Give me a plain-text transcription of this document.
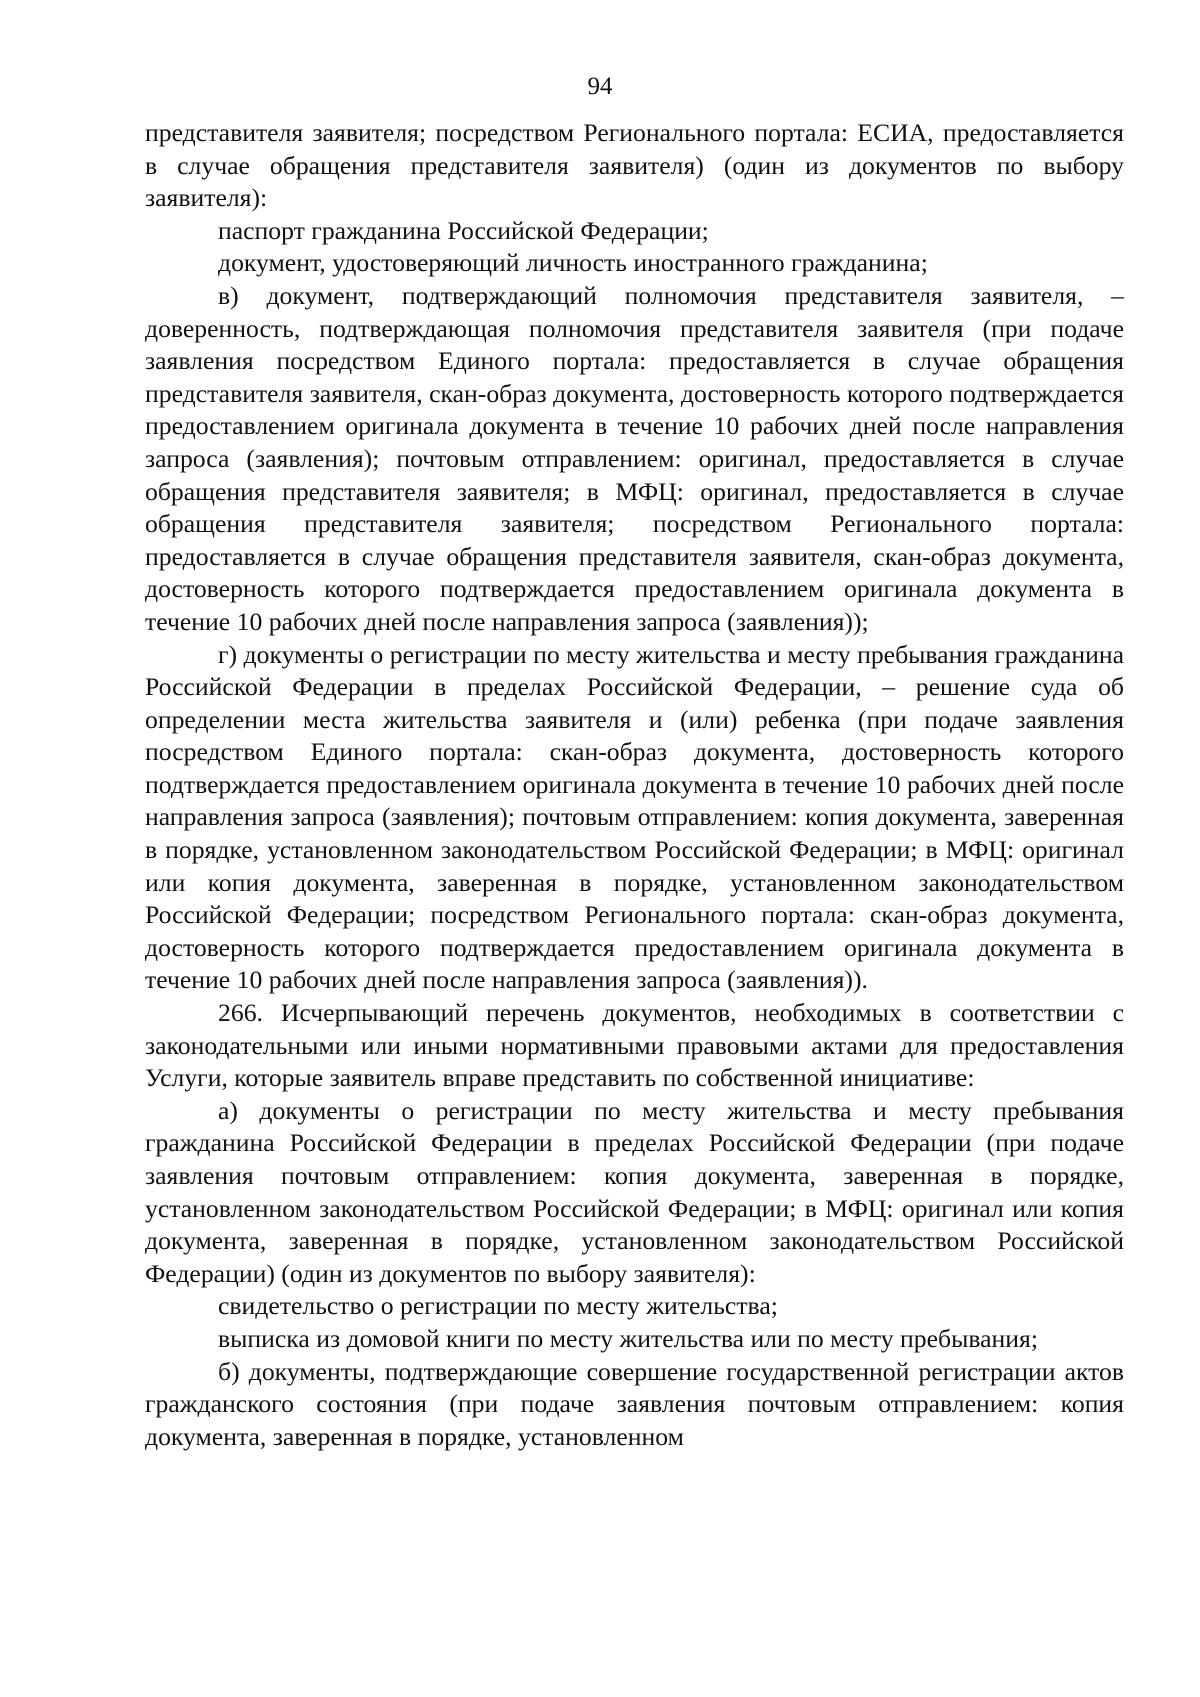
94

представителя заявителя; посредством Регионального портала: ЕСИА, предоставляется в случае обращения представителя заявителя) (один из документов по выбору заявителя):

паспорт гражданина Российской Федерации;

документ, удостоверяющий личность иностранного гражданина;

в) документ, подтверждающий полномочия представителя заявителя, – доверенность, подтверждающая полномочия представителя заявителя (при подаче заявления посредством Единого портала: предоставляется в случае обращения представителя заявителя, скан-образ документа, достоверность которого подтверждается предоставлением оригинала документа в течение 10 рабочих дней после направления запроса (заявления); почтовым отправлением: оригинал, предоставляется в случае обращения представителя заявителя; в МФЦ: оригинал, предоставляется в случае обращения представителя заявителя; посредством Регионального портала: предоставляется в случае обращения представителя заявителя, скан-образ документа, достоверность которого подтверждается предоставлением оригинала документа в течение 10 рабочих дней после направления запроса (заявления));

г) документы о регистрации по месту жительства и месту пребывания гражданина Российской Федерации в пределах Российской Федерации, – решение суда об определении места жительства заявителя и (или) ребенка (при подаче заявления посредством Единого портала: скан-образ документа, достоверность которого подтверждается предоставлением оригинала документа в течение 10 рабочих дней после направления запроса (заявления); почтовым отправлением: копия документа, заверенная в порядке, установленном законодательством Российской Федерации; в МФЦ: оригинал или копия документа, заверенная в порядке, установленном законодательством Российской Федерации; посредством Регионального портала: скан-образ документа, достоверность которого подтверждается предоставлением оригинала документа в течение 10 рабочих дней после направления запроса (заявления)).

266. Исчерпывающий перечень документов, необходимых в соответствии с законодательными или иными нормативными правовыми актами для предоставления Услуги, которые заявитель вправе представить по собственной инициативе:

а) документы о регистрации по месту жительства и месту пребывания гражданина Российской Федерации в пределах Российской Федерации (при подаче заявления почтовым отправлением: копия документа, заверенная в порядке, установленном законодательством Российской Федерации; в МФЦ: оригинал или копия документа, заверенная в порядке, установленном законодательством Российской Федерации) (один из документов по выбору заявителя):

свидетельство о регистрации по месту жительства;

выписка из домовой книги по месту жительства или по месту пребывания;

б) документы, подтверждающие совершение государственной регистрации актов гражданского состояния (при подаче заявления почтовым отправлением: копия документа, заверенная в порядке, установленном
